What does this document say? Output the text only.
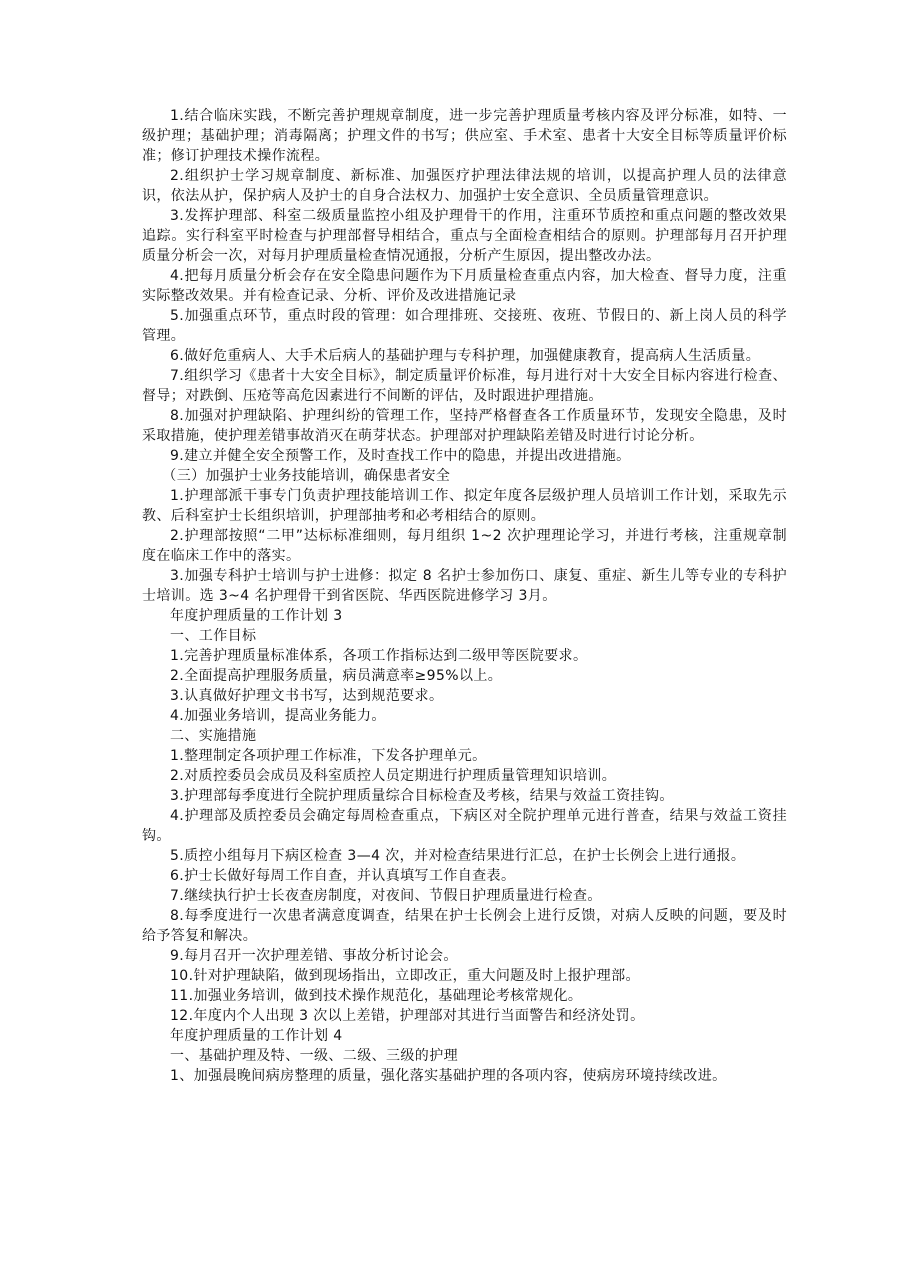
1.结合临床实践，不断完善护理规章制度，进一步完善护理质量考核内容及评分标准，如特、一级护理；基础护理；消毒隔离；护理文件的书写；供应室、手术室、患者十大安全目标等质量评价标准；修订护理技术操作流程。

2.组织护士学习规章制度、新标准、加强医疗护理法律法规的培训，以提高护理人员的法律意识，依法从护，保护病人及护士的自身合法权力、加强护士安全意识、全员质量管理意识。

3.发挥护理部、科室二级质量监控小组及护理骨干的作用，注重环节质控和重点问题的整改效果追踪。实行科室平时检查与护理部督导相结合，重点与全面检查相结合的原则。护理部每月召开护理质量分析会一次，对每月护理质量检查情况通报，分析产生原因，提出整改办法。

4.把每月质量分析会存在安全隐患问题作为下月质量检查重点内容，加大检查、督导力度，注重实际整改效果。并有检查记录、分析、评价及改进措施记录

5.加强重点环节，重点时段的管理：如合理排班、交接班、夜班、节假日的、新上岗人员的科学管理。

6.做好危重病人、大手术后病人的基础护理与专科护理，加强健康教育，提高病人生活质量。

7.组织学习《患者十大安全目标》，制定质量评价标准，每月进行对十大安全目标内容进行检查、督导；对跌倒、压疮等高危因素进行不间断的评估，及时跟进护理措施。

8.加强对护理缺陷、护理纠纷的管理工作，坚持严格督查各工作质量环节，发现安全隐患，及时采取措施，使护理差错事故消灭在萌芽状态。护理部对护理缺陷差错及时进行讨论分析。

9.建立并健全安全预警工作，及时查找工作中的隐患，并提出改进措施。

（三）加强护士业务技能培训，确保患者安全

1.护理部派干事专门负责护理技能培训工作、拟定年度各层级护理人员培训工作计划，采取先示教、后科室护士长组织培训，护理部抽考和必考相结合的原则。

2.护理部按照“二甲”达标标准细则，每月组织 1~2 次护理理论学习，并进行考核，注重规章制度在临床工作中的落实。

3.加强专科护士培训与护士进修：拟定 8 名护士参加伤口、康复、重症、新生儿等专业的专科护士培训。选 3~4 名护理骨干到省医院、华西医院进修学习 3月。

年度护理质量的工作计划 3

一、工作目标

1.完善护理质量标准体系，各项工作指标达到二级甲等医院要求。

2.全面提高护理服务质量，病员满意率≥95%以上。

3.认真做好护理文书书写，达到规范要求。

4.加强业务培训，提高业务能力。

二、实施措施

1.整理制定各项护理工作标准，下发各护理单元。

2.对质控委员会成员及科室质控人员定期进行护理质量管理知识培训。

3.护理部每季度进行全院护理质量综合目标检查及考核，结果与效益工资挂钩。

4.护理部及质控委员会确定每周检查重点，下病区对全院护理单元进行普查，结果与效益工资挂钩。

5.质控小组每月下病区检查 3—4 次，并对检查结果进行汇总，在护士长例会上进行通报。

6.护士长做好每周工作自查，并认真填写工作自查表。

7.继续执行护士长夜查房制度，对夜间、节假日护理质量进行检查。

8.每季度进行一次患者满意度调查，结果在护士长例会上进行反馈，对病人反映的问题，要及时给予答复和解决。

9.每月召开一次护理差错、事故分析讨论会。

10.针对护理缺陷，做到现场指出，立即改正，重大问题及时上报护理部。

11.加强业务培训，做到技术操作规范化，基础理论考核常规化。

12.年度内个人出现 3 次以上差错，护理部对其进行当面警告和经济处罚。

年度护理质量的工作计划 4

一、基础护理及特、一级、二级、三级的护理

1、加强晨晚间病房整理的质量，强化落实基础护理的各项内容，使病房环境持续改进。
